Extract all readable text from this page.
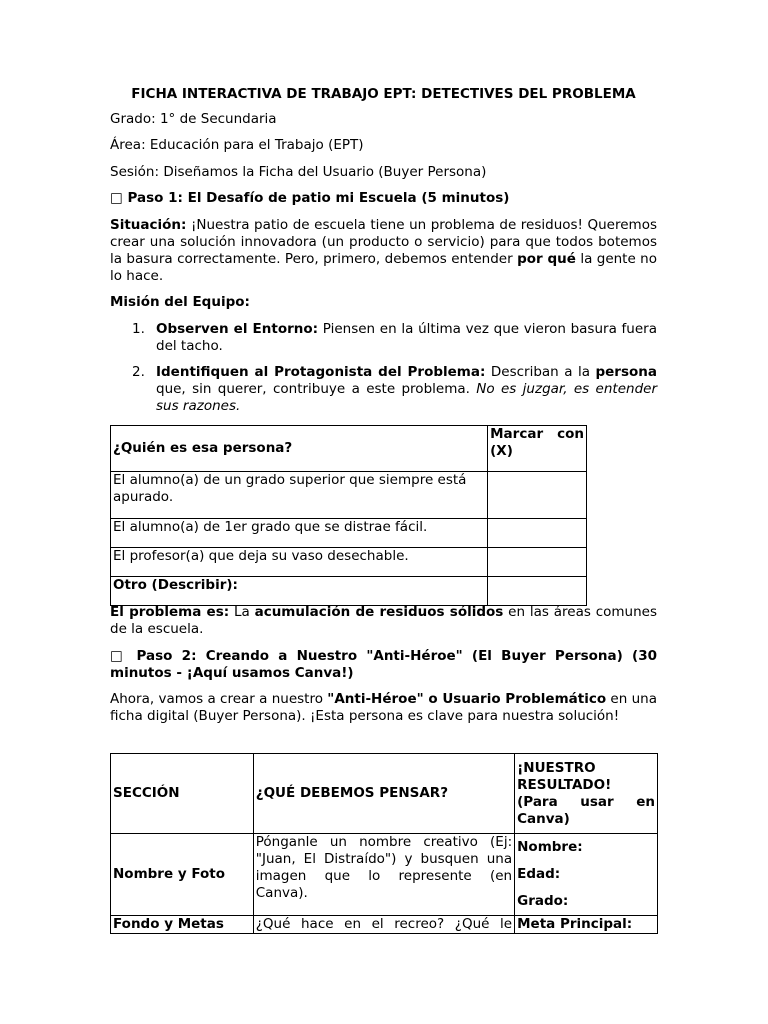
FICHA INTERACTIVA DE TRABAJO EPT: DETECTIVES DEL PROBLEMA
Grado: 1° de Secundaria
Área: Educación para el Trabajo (EPT)
Sesión: Diseñamos la Ficha del Usuario (Buyer Persona)
□ Paso 1: El Desafío de patio mi Escuela (5 minutos)
Situación: ¡Nuestra patio de escuela tiene un problema de residuos! Queremos crear una solución innovadora (un producto o servicio) para que todos botemos la basura correctamente. Pero, primero, debemos entender por qué la gente no lo hace.
Misión del Equipo:
1. Observen el Entorno: Piensen en la última vez que vieron basura fuera del tacho.
2. Identifiquen al Protagonista del Problema: Describan a la persona que, sin querer, contribuye a este problema. No es juzgar, es entender sus razones.
¿Quién es esa persona?	Marcar con (X)
El alumno(a) de un grado superior que siempre está apurado.	
El alumno(a) de 1er grado que se distrae fácil.	
El profesor(a) que deja su vaso desechable.	
Otro (Describir):	
El problema es: La acumulación de residuos sólidos en las áreas comunes de la escuela.
□ Paso 2: Creando a Nuestro "Anti-Héroe" (El Buyer Persona) (30 minutos - ¡Aquí usamos Canva!)
Ahora, vamos a crear a nuestro "Anti-Héroe" o Usuario Problemático en una ficha digital (Buyer Persona). ¡Esta persona es clave para nuestra solución!
SECCIÓN	¿QUÉ DEBEMOS PENSAR?	¡NUESTRO RESULTADO! (Para usar en Canva)
Nombre y Foto	Pónganle un nombre creativo (Ej: "Juan, El Distraído") y busquen una imagen que lo represente (en Canva).	Nombre:
Edad:
Grado:

Fondo y Metas	¿Qué hace en el recreo? ¿Qué le	Meta Principal:
